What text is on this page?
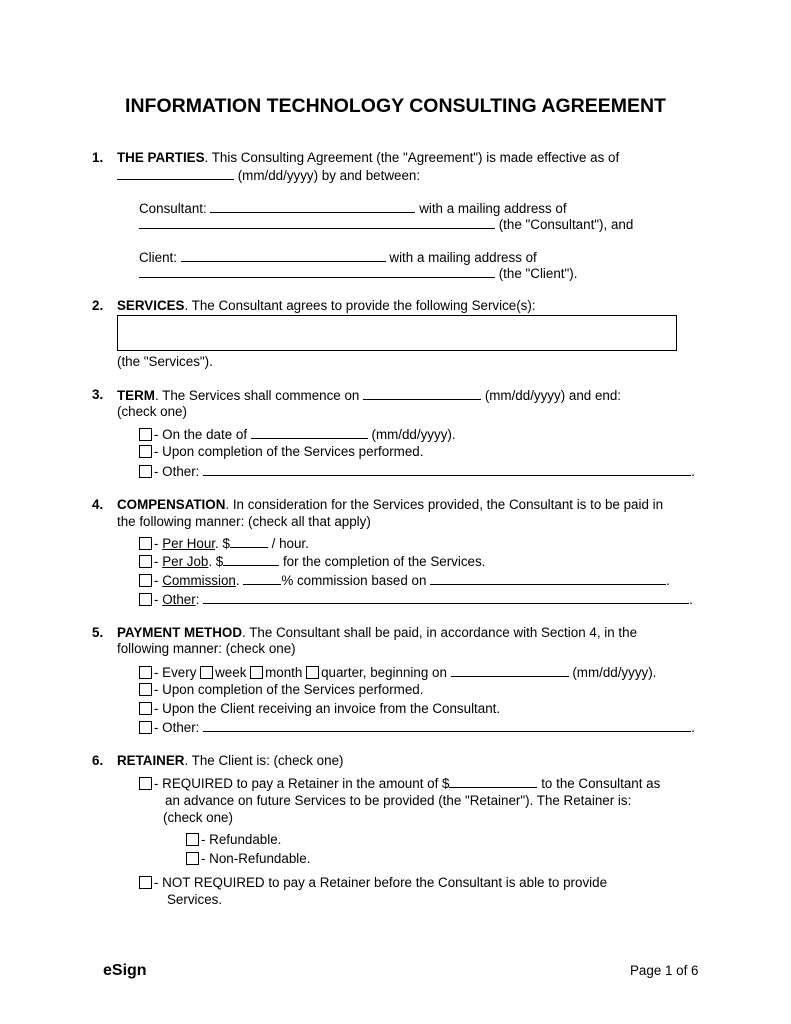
INFORMATION TECHNOLOGY CONSULTING AGREEMENT
1. THE PARTIES. This Consulting Agreement (the "Agreement") is made effective as of
(mm/dd/yyyy) by and between:
Consultant:	with a mailing address of
(the "Consultant"), and
Client:	with a mailing address of
(the "Client").
2. SERVICES. The Consultant agrees to provide the following Service(s):
(the "Services").
3. TERM. The Services shall commence on	(mm/dd/yyyy) and end:
(check one)
- On the date of	(mm/dd/yyyy).
- Upon completion of the Services performed.
- Other:	.
4. COMPENSATION. In consideration for the Services provided, the Consultant is to be paid in
the following manner: (check all that apply)
- Per Hour. $	/ hour.
- Per Job. $	for the completion of the Services.
- Commission.	% commission based on	.
- Other:	.
5. PAYMENT METHOD. The Consultant shall be paid, in accordance with Section 4, in the
following manner: (check one)
- Every week month quarter, beginning on	(mm/dd/yyyy).
- Upon completion of the Services performed.
- Upon the Client receiving an invoice from the Consultant.
- Other:	.
6. RETAINER. The Client is: (check one)
- REQUIRED to pay a Retainer in the amount of $	to the Consultant as
an advance on future Services to be provided (the "Retainer"). The Retainer is:
(check one)
- Refundable.
- Non-Refundable.
- NOT REQUIRED to pay a Retainer before the Consultant is able to provide
Services.
eSign	Page 1 of 6
